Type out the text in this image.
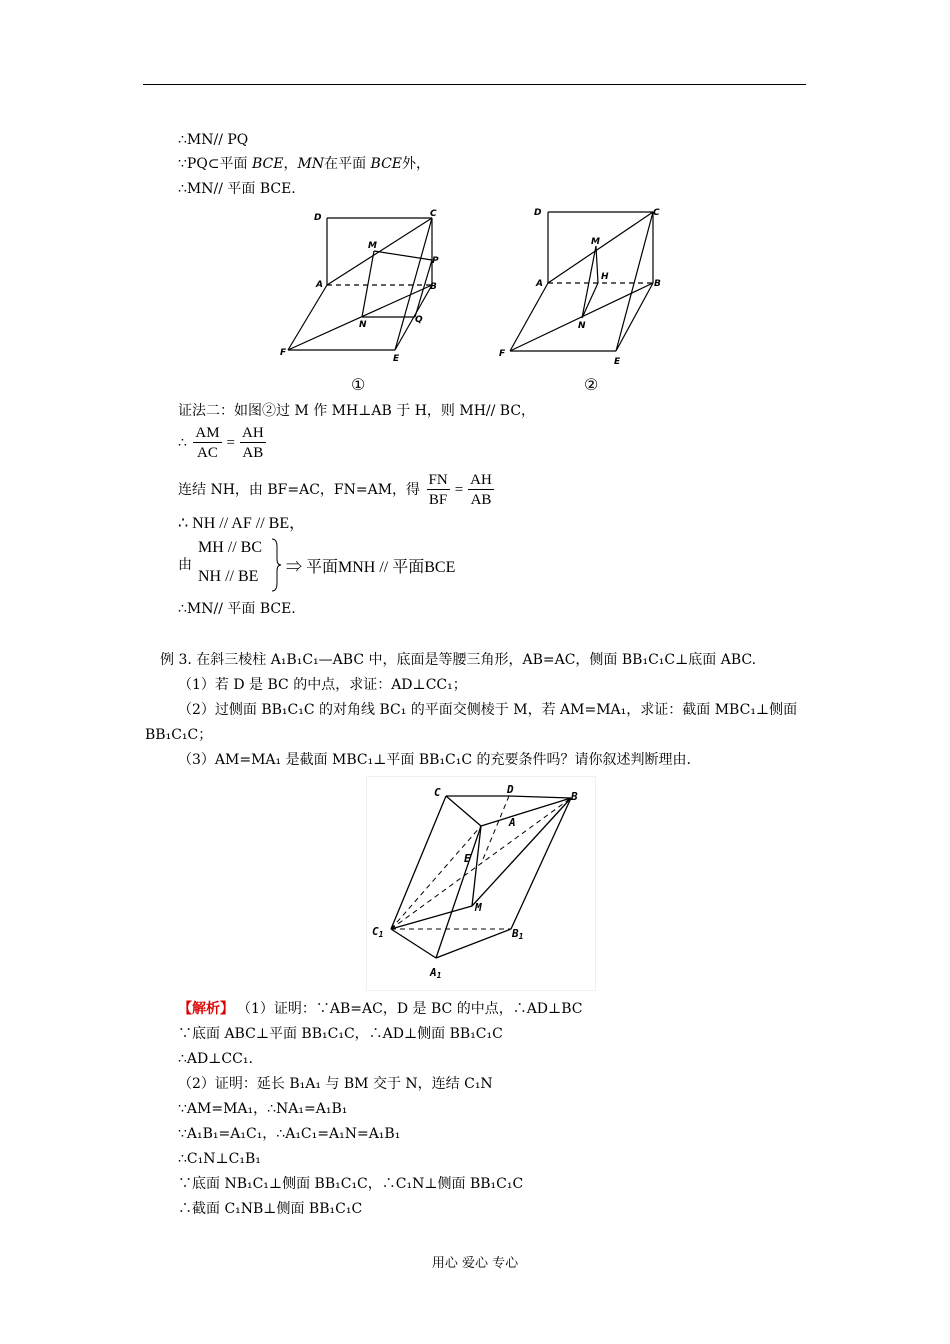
∴MN// PQ
∵PQ⊂平面 BCE，MN在平面 BCE外，
∴MN// 平面 BCE.
D	C
M
P
A	B
N	Q
F
E
①
D	C
M
H
A	B
N
F
E
②
证法二：如图②过 M 作 MH⊥AB 于 H，则 MH// BC，
∴ $\frac{AM}{AC} = \frac{AH}{AB}$
连结 NH，由 BF=AC，FN=AM，得 $\frac{FN}{BF} = \frac{AH}{AB}$
∴ NH // AF // BE，
由
MH // BC
NH // BE
⇒ 平面MNH // 平面BCE
∴MN// 平面 BCE.
例 3. 在斜三棱柱 A₁B₁C₁—ABC 中，底面是等腰三角形，AB=AC，侧面 BB₁C₁C⊥底面 ABC.
（1）若 D 是 BC 的中点，求证：AD⊥CC₁；
（2）过侧面 BB₁C₁C 的对角线 BC₁ 的平面交侧棱于 M，若 AM=MA₁，求证：截面 MBC₁⊥侧面
BB₁C₁C；
（3）AM=MA₁ 是截面 MBC₁⊥平面 BB₁C₁C 的充要条件吗？请你叙述判断理由.
C	D
B
A
E
M
C1	B1
A1
【解析】 （1）证明：∵AB=AC，D 是 BC 的中点，∴AD⊥BC
∵底面 ABC⊥平面 BB₁C₁C，∴AD⊥侧面 BB₁C₁C
∴AD⊥CC₁.
（2）证明：延长 B₁A₁ 与 BM 交于 N，连结 C₁N
∵AM=MA₁，∴NA₁=A₁B₁
∵A₁B₁=A₁C₁，∴A₁C₁=A₁N=A₁B₁
∴C₁N⊥C₁B₁
∵底面 NB₁C₁⊥侧面 BB₁C₁C，∴C₁N⊥侧面 BB₁C₁C
∴截面 C₁NB⊥侧面 BB₁C₁C
用心 爱心 专心
